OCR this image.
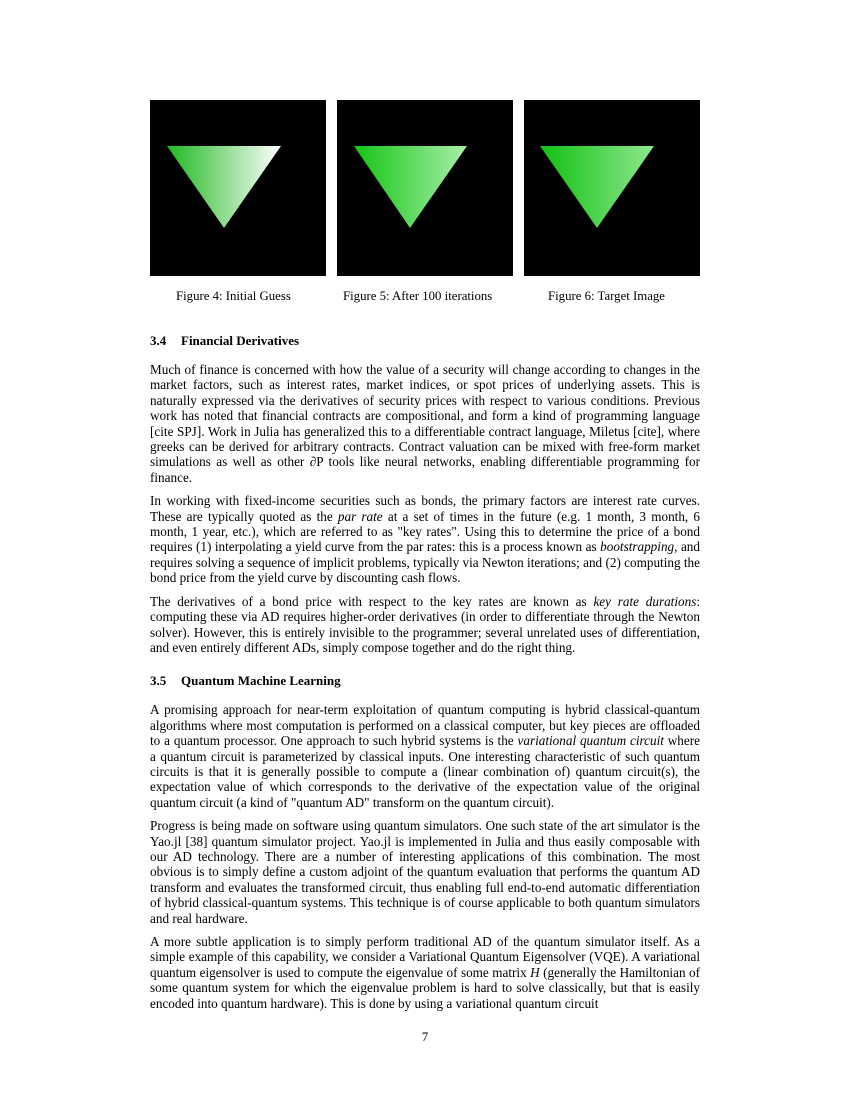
Figure 4: Initial Guess	Figure 5: After 100 iterations	Figure 6: Target Image
3.4 Financial Derivatives

Much of finance is concerned with how the value of a security will change according to changes in the market factors, such as interest rates, market indices, or spot prices of underlying assets. This is naturally expressed via the derivatives of security prices with respect to various conditions. Previous work has noted that financial contracts are compositional, and form a kind of programming language [cite SPJ]. Work in Julia has generalized this to a differentiable contract language, Miletus [cite], where greeks can be derived for arbitrary contracts. Contract valuation can be mixed with free-form market simulations as well as other ∂P tools like neural networks, enabling differentiable programming for finance.

In working with fixed-income securities such as bonds, the primary factors are interest rate curves. These are typically quoted as the par rate at a set of times in the future (e.g. 1 month, 3 month, 6 month, 1 year, etc.), which are referred to as "key rates". Using this to determine the price of a bond requires (1) interpolating a yield curve from the par rates: this is a process known as bootstrapping, and requires solving a sequence of implicit problems, typically via Newton iterations; and (2) computing the bond price from the yield curve by discounting cash flows.

The derivatives of a bond price with respect to the key rates are known as key rate durations: computing these via AD requires higher-order derivatives (in order to differentiate through the Newton solver). However, this is entirely invisible to the programmer; several unrelated uses of differentiation, and even entirely different ADs, simply compose together and do the right thing.

3.5 Quantum Machine Learning

A promising approach for near-term exploitation of quantum computing is hybrid classical-quantum algorithms where most computation is performed on a classical computer, but key pieces are offloaded to a quantum processor. One approach to such hybrid systems is the variational quantum circuit where a quantum circuit is parameterized by classical inputs. One interesting characteristic of such quantum circuits is that it is generally possible to compute a (linear combination of) quantum circuit(s), the expectation value of which corresponds to the derivative of the expectation value of the original quantum circuit (a kind of "quantum AD" transform on the quantum circuit).

Progress is being made on software using quantum simulators. One such state of the art simulator is the Yao.jl [38] quantum simulator project. Yao.jl is implemented in Julia and thus easily composable with our AD technology. There are a number of interesting applications of this combination. The most obvious is to simply define a custom adjoint of the quantum evaluation that performs the quantum AD transform and evaluates the transformed circuit, thus enabling full end-to-end automatic differentiation of hybrid classical-quantum systems. This technique is of course applicable to both quantum simulators and real hardware.

A more subtle application is to simply perform traditional AD of the quantum simulator itself. As a simple example of this capability, we consider a Variational Quantum Eigensolver (VQE). A variational quantum eigensolver is used to compute the eigenvalue of some matrix H (generally the Hamiltonian of some quantum system for which the eigenvalue problem is hard to solve classically, but that is easily encoded into quantum hardware). This is done by using a variational quantum circuit

7
